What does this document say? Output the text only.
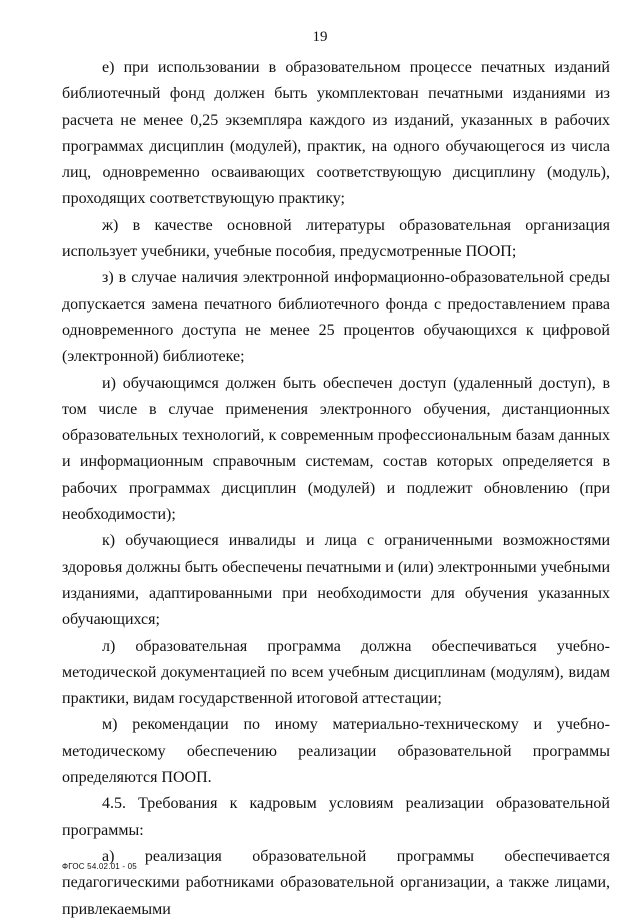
19

е) при использовании в образовательном процессе печатных изданий библиотечный фонд должен быть укомплектован печатными изданиями из расчета не менее 0,25 экземпляра каждого из изданий, указанных в рабочих программах дисциплин (модулей), практик, на одного обучающегося из числа лиц, одновременно осваивающих соответствующую дисциплину (модуль), проходящих соответствующую практику;

ж) в качестве основной литературы образовательная организация использует учебники, учебные пособия, предусмотренные ПООП;

з) в случае наличия электронной информационно-образовательной среды допускается замена печатного библиотечного фонда с предоставлением права одновременного доступа не менее 25 процентов обучающихся к цифровой (электронной) библиотеке;

и) обучающимся должен быть обеспечен доступ (удаленный доступ), в том числе в случае применения электронного обучения, дистанционных образовательных технологий, к современным профессиональным базам данных и информационным справочным системам, состав которых определяется в рабочих программах дисциплин (модулей) и подлежит обновлению (при необходимости);

к) обучающиеся инвалиды и лица с ограниченными возможностями здоровья должны быть обеспечены печатными и (или) электронными учебными изданиями, адаптированными при необходимости для обучения указанных обучающихся;

л) образовательная программа должна обеспечиваться учебно-методической документацией по всем учебным дисциплинам (модулям), видам практики, видам государственной итоговой аттестации;

м) рекомендации по иному материально-техническому и учебно-методическому обеспечению реализации образовательной программы определяются ПООП.

4.5. Требования к кадровым условиям реализации образовательной программы:

а) реализация образовательной программы обеспечивается педагогическими работниками образовательной организации, а также лицами, привлекаемыми

ФГОС 54.02.01 - 05
